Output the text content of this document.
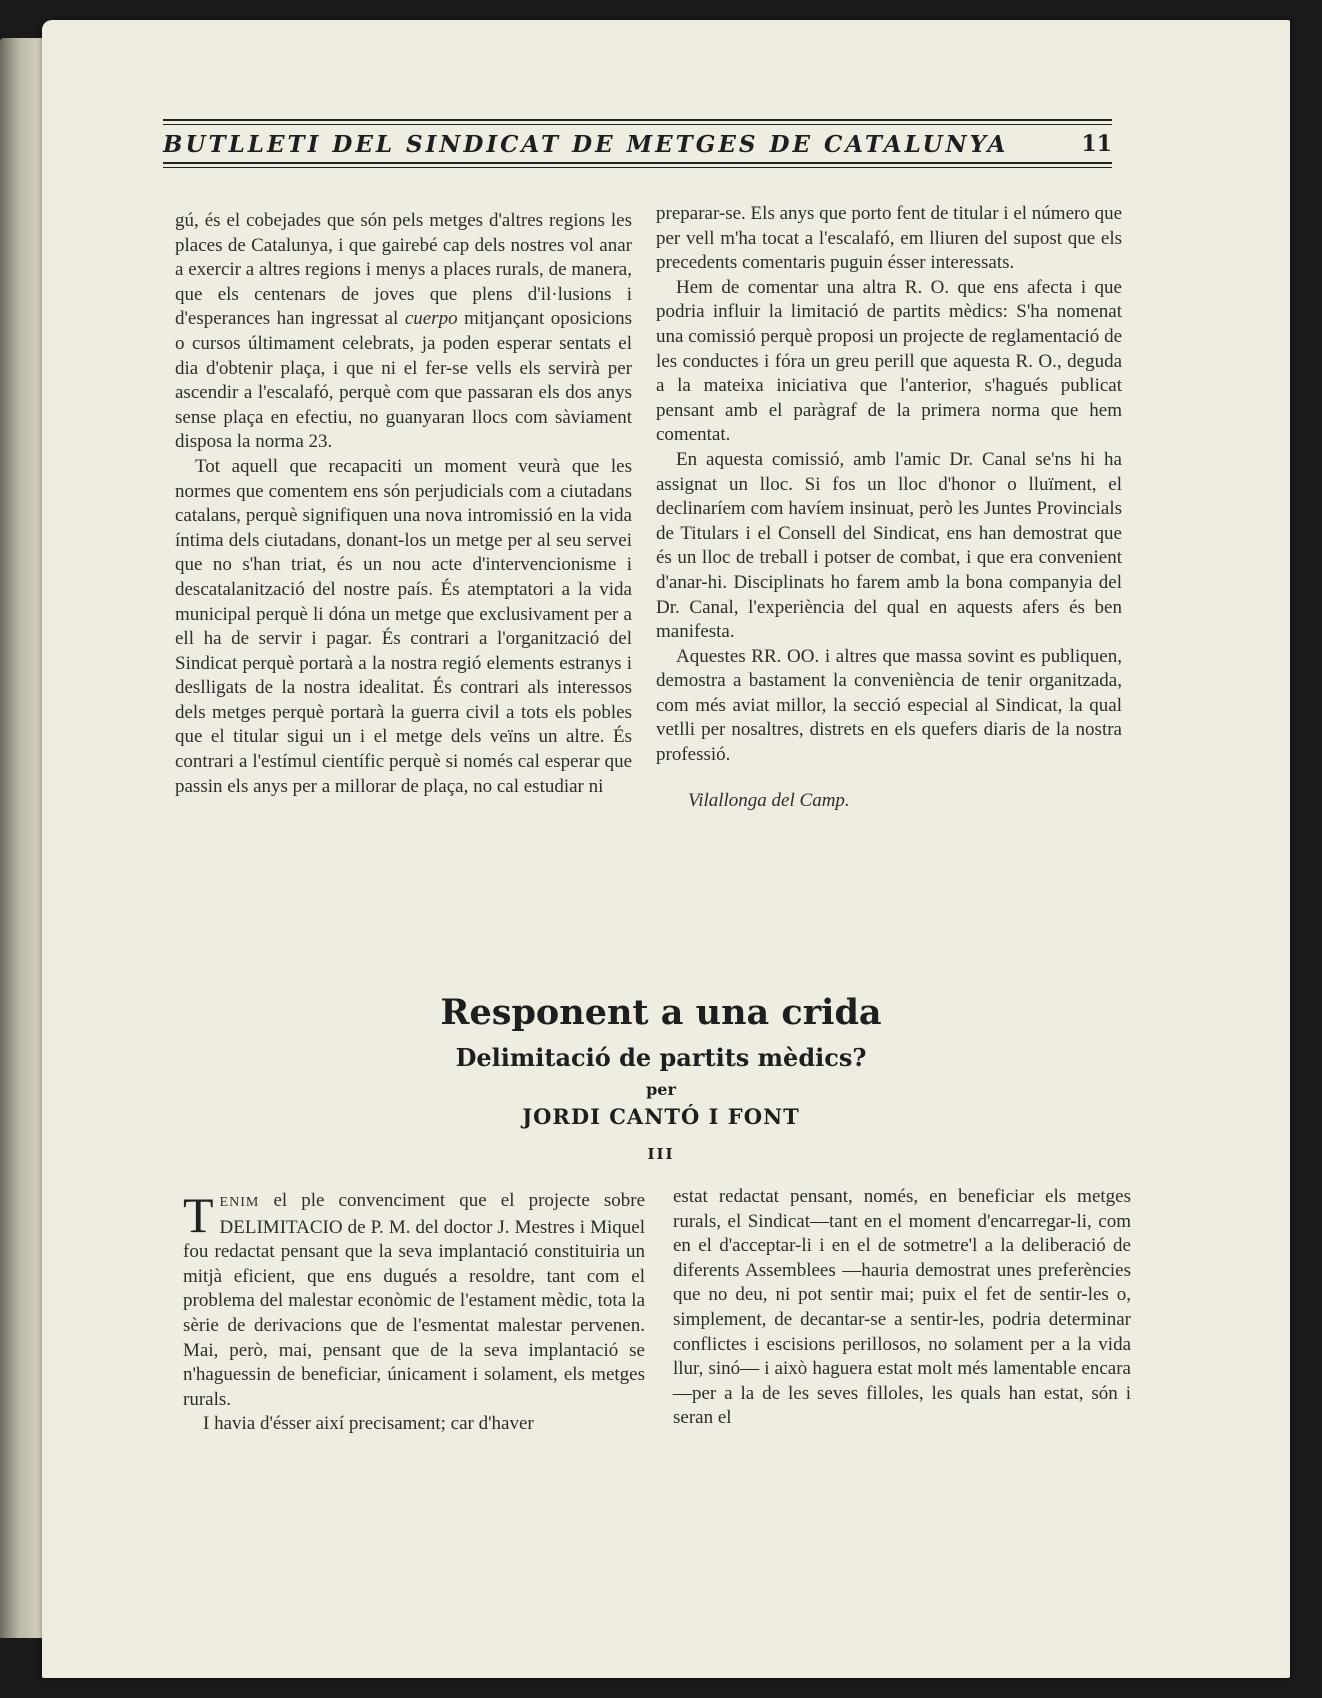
BUTLLETI DEL SINDICAT DE METGES DE CATALUNYA	11

gú, és el cobejades que són pels metges d'altres regions les places de Catalunya, i que gairebé cap dels nostres vol anar a exercir a altres regions i menys a places rurals, de manera, que els centenars de joves que plens d'il·lusions i d'esperances han ingressat al cuerpo mitjançant oposicions o cursos últimament celebrats, ja poden esperar sentats el dia d'obtenir plaça, i que ni el fer-se vells els servirà per ascendir a l'escalafó, perquè com que passaran els dos anys sense plaça en efectiu, no guanyaran llocs com sàviament disposa la norma 23.

Tot aquell que recapaciti un moment veurà que les normes que comentem ens són perjudicials com a ciutadans catalans, perquè signifiquen una nova intromissió en la vida íntima dels ciutadans, donant-los un metge per al seu servei que no s'han triat, és un nou acte d'intervencionisme i descatalanització del nostre país. És atemptatori a la vida municipal perquè li dóna un metge que exclusivament per a ell ha de servir i pagar. És contrari a l'organització del Sindicat perquè portarà a la nostra regió elements estranys i deslligats de la nostra idealitat. És contrari als interessos dels metges perquè portarà la guerra civil a tots els pobles que el titular sigui un i el metge dels veïns un altre. És contrari a l'estímul científic perquè si només cal esperar que passin els anys per a millorar de plaça, no cal estudiar ni

preparar-se. Els anys que porto fent de titular i el número que per vell m'ha tocat a l'escalafó, em lliuren del supost que els precedents comentaris puguin ésser interessats.

Hem de comentar una altra R. O. que ens afecta i que podria influir la limitació de partits mèdics: S'ha nomenat una comissió perquè proposi un projecte de reglamentació de les conductes i fóra un greu perill que aquesta R. O., deguda a la mateixa iniciativa que l'anterior, s'hagués publicat pensant amb el paràgraf de la primera norma que hem comentat.

En aquesta comissió, amb l'amic Dr. Canal se'ns hi ha assignat un lloc. Si fos un lloc d'honor o lluïment, el declinaríem com havíem insinuat, però les Juntes Provincials de Titulars i el Consell del Sindicat, ens han demostrat que és un lloc de treball i potser de combat, i que era convenient d'anar-hi. Disciplinats ho farem amb la bona companyia del Dr. Canal, l'experiència del qual en aquests afers és ben manifesta.

Aquestes RR. OO. i altres que massa sovint es publiquen, demostra a bastament la conveniència de tenir organitzada, com més aviat millor, la secció especial al Sindicat, la qual vetlli per nosaltres, distrets en els quefers diaris de la nostra professió.

Vilallonga del Camp.

Responent a una crida
Delimitació de partits mèdics?
per
JORDI CANTÓ I FONT
III

TENIM el ple convenciment que el projecte sobre DELIMITACIO de P. M. del doctor J. Mestres i Miquel fou redactat pensant que la seva implantació constituiria un mitjà eficient, que ens dugués a resoldre, tant com el problema del malestar econòmic de l'estament mèdic, tota la sèrie de derivacions que de l'esmentat malestar pervenen. Mai, però, mai, pensant que de la seva implantació se n'haguessin de beneficiar, únicament i solament, els metges rurals.

I havia d'ésser així precisament; car d'haver

estat redactat pensant, només, en beneficiar els metges rurals, el Sindicat—tant en el moment d'encarregar-li, com en el d'acceptar-li i en el de sotmetre'l a la deliberació de diferents Assemblees —hauria demostrat unes preferències que no deu, ni pot sentir mai; puix el fet de sentir-les o, simplement, de decantar-se a sentir-les, podria determinar conflictes i escisions perillosos, no solament per a la vida llur, sinó— i això haguera estat molt més lamentable encara—per a la de les seves filloles, les quals han estat, són i seran el
